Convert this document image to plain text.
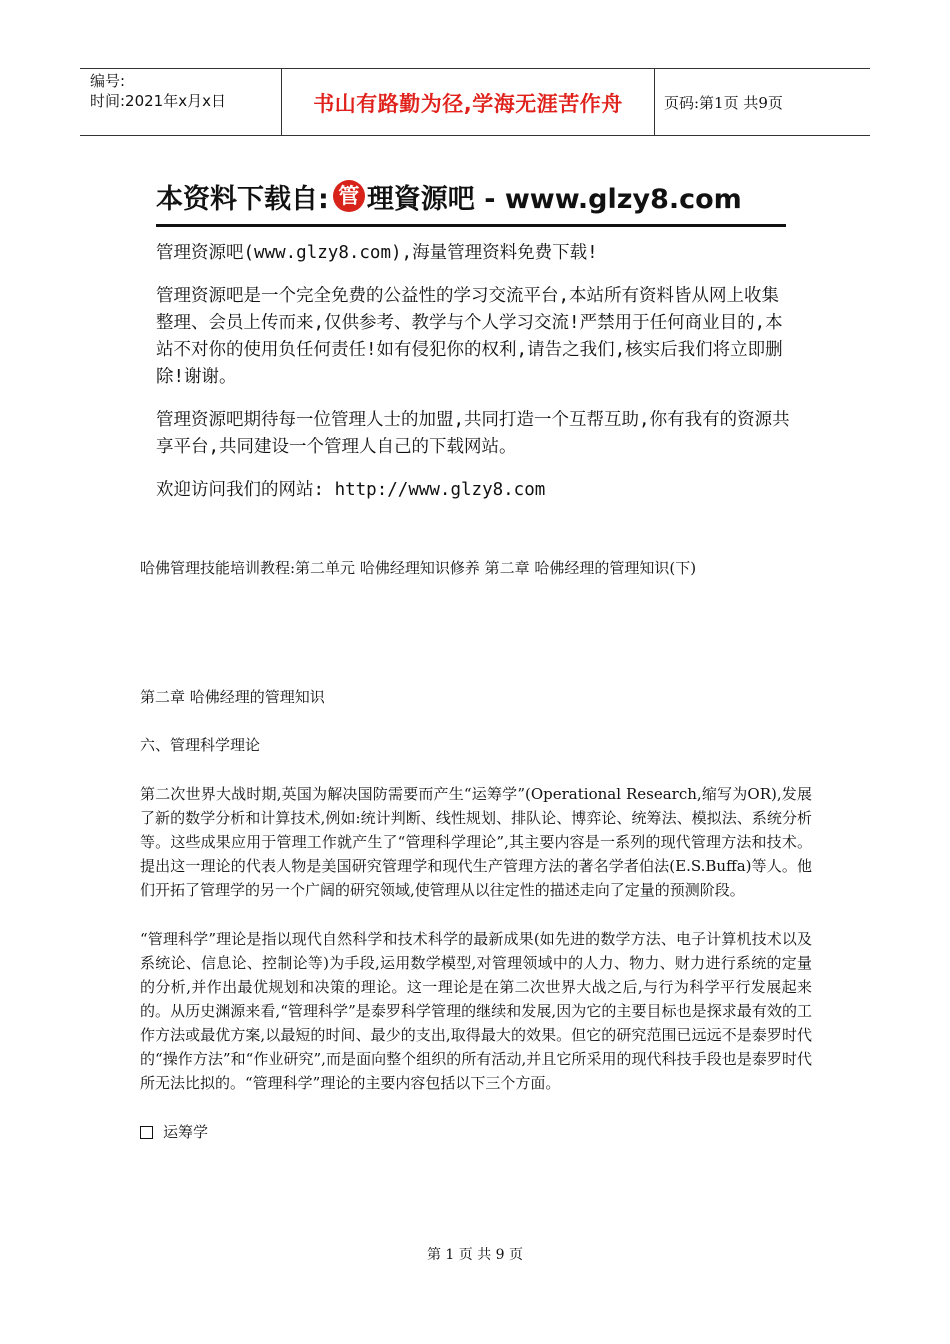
编号:
时间:2021年x月x日	书山有路勤为径,学海无涯苦作舟	页码:第1页 共9页
本资料下载自: 管 理資源吧 - www.glzy8.com

管理资源吧(www.glzy8.com),海量管理资料免费下载!

管理资源吧是一个完全免费的公益性的学习交流平台,本站所有资料皆从网上收集整理、会员上传而来,仅供参考、教学与个人学习交流!严禁用于任何商业目的,本站不对你的使用负任何责任!如有侵犯你的权利,请告之我们,核实后我们将立即删除!谢谢。

管理资源吧期待每一位管理人士的加盟,共同打造一个互帮互助,你有我有的资源共享平台,共同建设一个管理人自己的下载网站。

欢迎访问我们的网站: http://www.glzy8.com

哈佛管理技能培训教程:第二单元 哈佛经理知识修养 第二章 哈佛经理的管理知识(下)

第二章 哈佛经理的管理知识

六、管理科学理论

第二次世界大战时期,英国为解决国防需要而产生“运筹学”(Operational Research,缩写为OR),发展了新的数学分析和计算技术,例如:统计判断、线性规划、排队论、博弈论、统筹法、模拟法、系统分析等。这些成果应用于管理工作就产生了“管理科学理论”,其主要内容是一系列的现代管理方法和技术。提出这一理论的代表人物是美国研究管理学和现代生产管理方法的著名学者伯法(E.S.Buffa)等人。他们开拓了管理学的另一个广阔的研究领域,使管理从以往定性的描述走向了定量的预测阶段。

“管理科学”理论是指以现代自然科学和技术科学的最新成果(如先进的数学方法、电子计算机技术以及系统论、信息论、控制论等)为手段,运用数学模型,对管理领域中的人力、物力、财力进行系统的定量的分析,并作出最优规划和决策的理论。这一理论是在第二次世界大战之后,与行为科学平行发展起来的。从历史渊源来看,“管理科学”是泰罗科学管理的继续和发展,因为它的主要目标也是探求最有效的工作方法或最优方案,以最短的时间、最少的支出,取得最大的效果。但它的研究范围已远远不是泰罗时代的“操作方法”和“作业研究”,而是面向整个组织的所有活动,并且它所采用的现代科技手段也是泰罗时代所无法比拟的。“管理科学”理论的主要内容包括以下三个方面。

运筹学

第 1 页 共 9 页
